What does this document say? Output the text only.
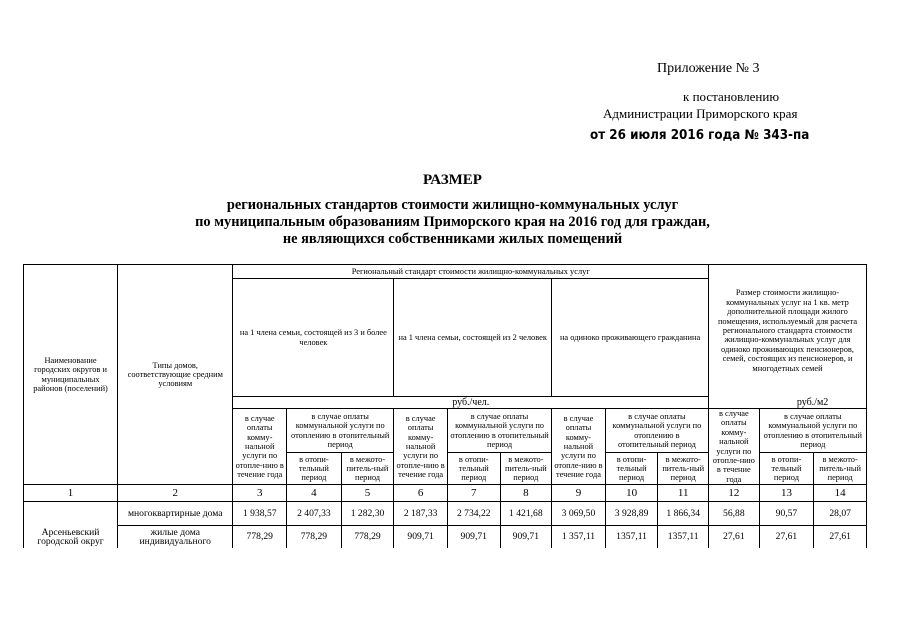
Приложение № 3
к постановлению
Администрации Приморского края
от 26 июля 2016 года № 343-па
РАЗМЕР
региональных стандартов стоимости жилищно-коммунальных услуг
по муниципальным образованиям Приморского края на 2016 год для граждан,
не являющихся собственниками жилых помещений
Наименование городских округов и муниципальных районов (поселений)	Типы домов, соответствующие средним условиям	Региональный стандарт стоимости жилищно-коммунальных услуг									Размер стоимости жилищно-коммунальных услуг на 1 кв. метр дополнительной площади жилого помещения, используемый для расчета регионального стандарта стоимости жилищно-коммунальных услуг для одиноко проживающих пенсионеров, семей, состоящих из пенсионеров, и многодетных семей		
		на 1 члена семьи, состоящей из 3 и более человек			на 1 члена семьи, состоящей из 2 человек			на одиноко проживающего гражданина					
		руб./чел.										руб./м2	
		в случае оплаты комму-нальной услуги по отопле-нию в течение года	в случае оплаты коммунальной услуги по отоплению в отопительный период		в случае оплаты комму-нальной услуги по отопле-нию в течение года	в случае оплаты коммунальной услуги по отоплению в отопительный период		в случае оплаты комму-нальной услуги по отопле-нию в течение года	в случае оплаты коммунальной услуги по отоплению в отопительный период		в случае оплаты комму-нальной услуги по отопле-нию в течение года	в случае оплаты коммунальной услуги по отоплению в отопительный период	
			в отопи-тельный период	в межото-питель-ный период		в отопи-тельный период	в межото-питель-ный период		в отопи-тельный период	в межото-питель-ный период		в отопи-тельный период	в межото-питель-ный период

1	2	3	4	5	6	7	8	9	10	11	12	13	14
Арсеньевский городской округ	многоквартирные дома	1 938,57	2 407,33	1 282,30	2 187,33	2 734,22	1 421,68	3 069,50	3 928,89	1 866,34	56,88	90,57	28,07
	жилые дома индивидуального	778,29	778,29	778,29	909,71	909,71	909,71	1 357,11	1357,11	1357,11	27,61	27,61	27,61
